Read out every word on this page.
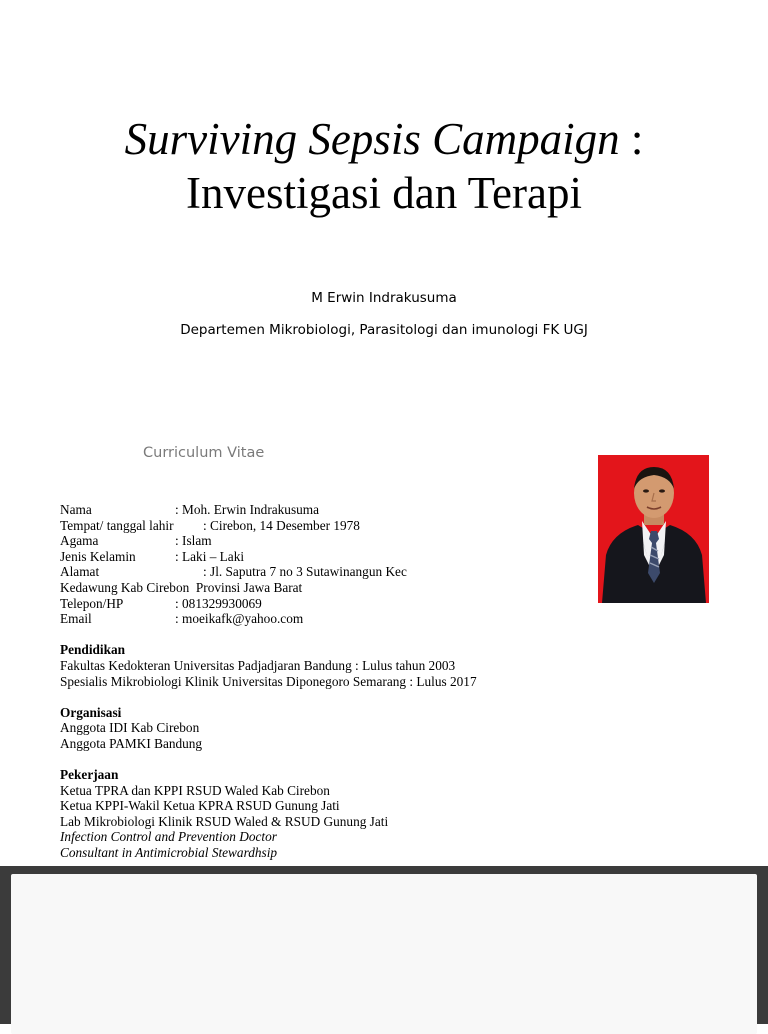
Surviving Sepsis Campaign :
Investigasi dan Terapi
M Erwin Indrakusuma
Departemen Mikrobiologi, Parasitologi dan imunologi FK UGJ
Curriculum Vitae
Nama	: Moh. Erwin Indrakusuma
Tempat/ tanggal lahir	: Cirebon, 14 Desember 1978
Agama	: Islam
Jenis Kelamin	: Laki – Laki
Alamat	: Jl. Saputra 7 no 3 Sutawinangun Kec
Kedawung Kab Cirebon  Provinsi Jawa Barat
Telepon/HP	: 081329930069
Email	: moeikafk@yahoo.com
Pendidikan
Fakultas Kedokteran Universitas Padjadjaran Bandung : Lulus tahun 2003
Spesialis Mikrobiologi Klinik Universitas Diponegoro Semarang : Lulus 2017
Organisasi
Anggota IDI Kab Cirebon
Anggota PAMKI Bandung
Pekerjaan
Ketua TPRA dan KPPI RSUD Waled Kab Cirebon
Ketua KPPI-Wakil Ketua KPRA RSUD Gunung Jati
Lab Mikrobiologi Klinik RSUD Waled & RSUD Gunung Jati
Infection Control and Prevention Doctor
Consultant in Antimicrobial Stewardhsip
